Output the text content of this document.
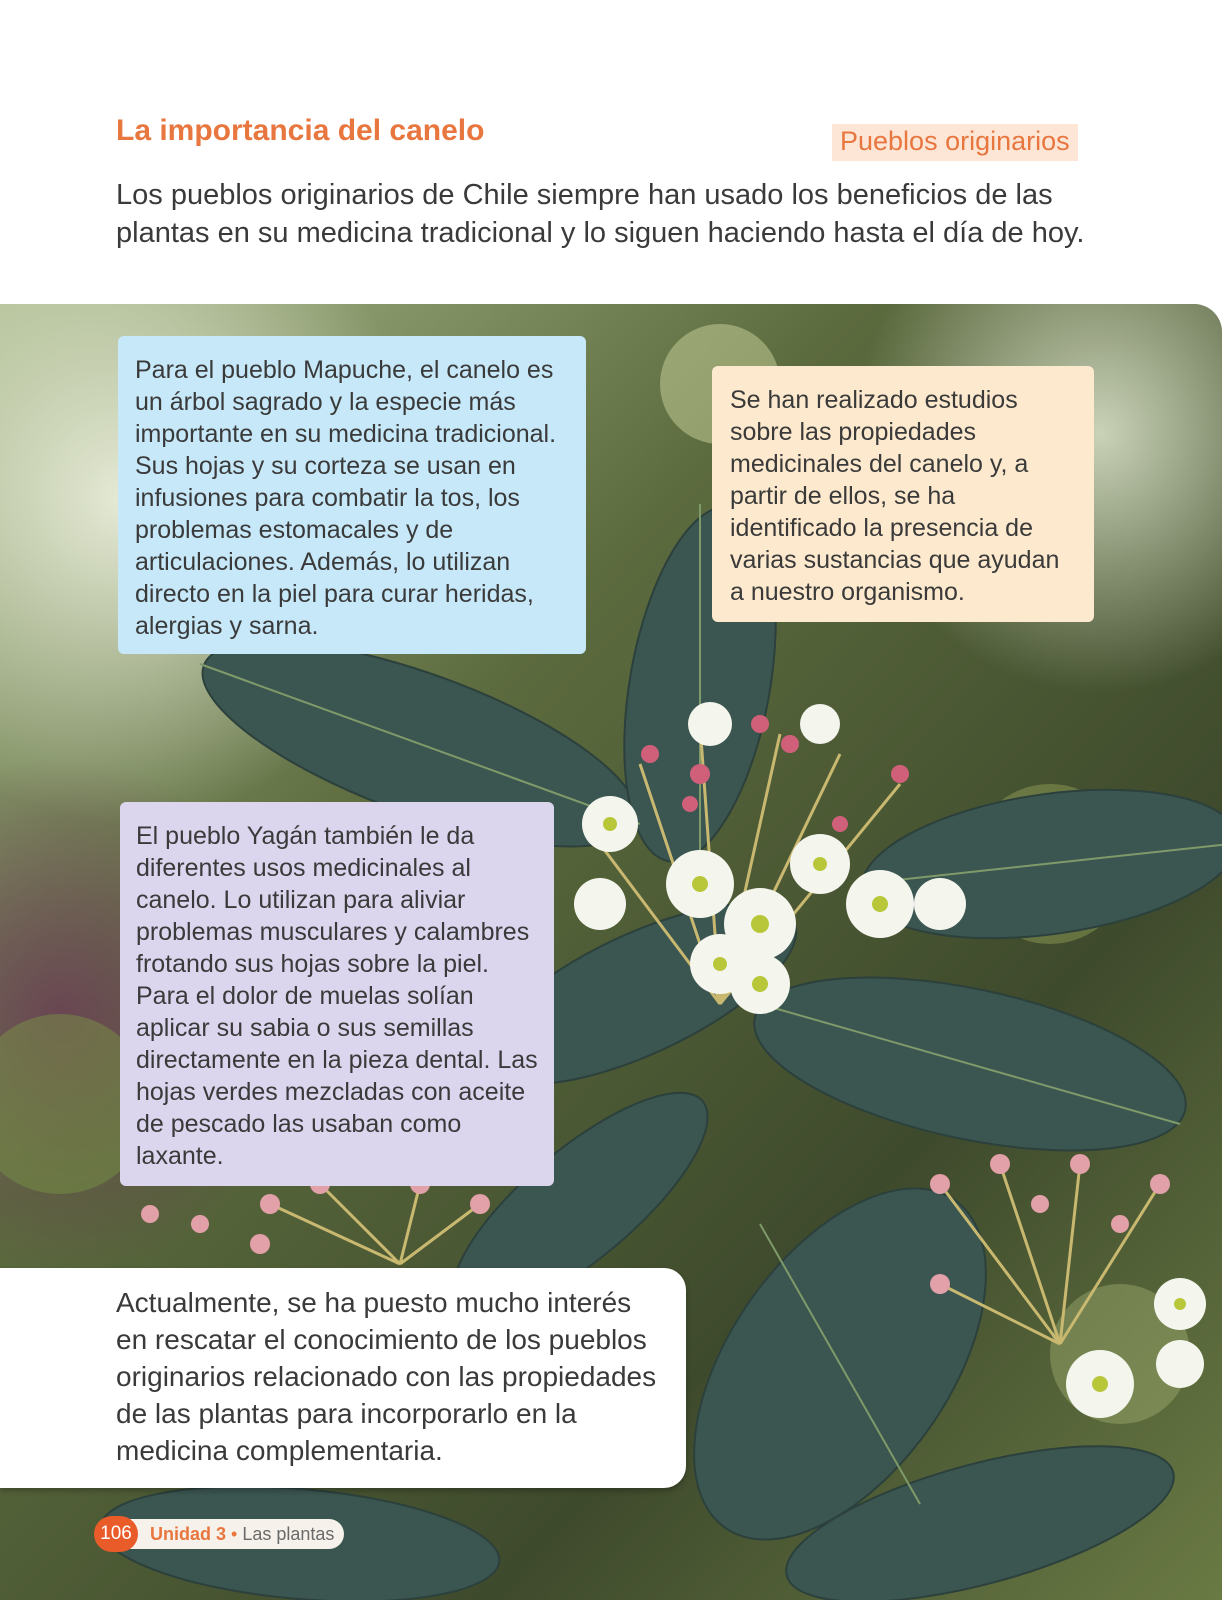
La importancia del canelo	Pueblos originarios
Los pueblos originarios de Chile siempre han usado los beneficios de las plantas en su medicina tradicional y lo siguen haciendo hasta el día de hoy.
Para el pueblo Mapuche, el canelo es un árbol sagrado y la especie más importante en su medicina tradicional. Sus hojas y su corteza se usan en infusiones para combatir la tos, los problemas estomacales y de articulaciones. Además, lo utilizan directo en la piel para curar heridas, alergias y sarna.
Se han realizado estudios sobre las propiedades medicinales del canelo y, a partir de ellos, se ha identificado la presencia de varias sustancias que ayudan a nuestro organismo.
El pueblo Yagán también le da diferentes usos medicinales al canelo. Lo utilizan para aliviar problemas musculares y calambres frotando sus hojas sobre la piel. Para el dolor de muelas solían aplicar su sabia o sus semillas directamente en la pieza dental. Las hojas verdes mezcladas con aceite de pescado las usaban como laxante.
Actualmente, se ha puesto mucho interés en rescatar el conocimiento de los pueblos originarios relacionado con las propiedades de las plantas para incorporarlo en la medicina complementaria.
106	Unidad 3 • Las plantas
